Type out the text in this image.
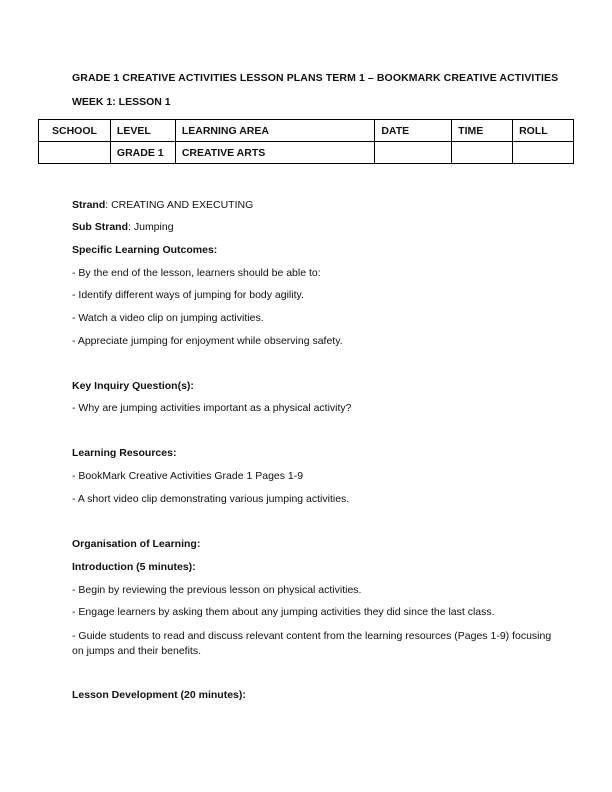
GRADE 1 CREATIVE ACTIVITIES LESSON PLANS TERM 1 – BOOKMARK CREATIVE ACTIVITIES
WEEK 1: LESSON 1
SCHOOL	LEVEL	LEARNING AREA	DATE	TIME	ROLL
	GRADE 1	CREATIVE ARTS			
Strand: CREATING AND EXECUTING
Sub Strand: Jumping
Specific Learning Outcomes:
- By the end of the lesson, learners should be able to:
- Identify different ways of jumping for body agility.
- Watch a video clip on jumping activities.
- Appreciate jumping for enjoyment while observing safety.
Key Inquiry Question(s):
- Why are jumping activities important as a physical activity?
Learning Resources:
- BookMark Creative Activities Grade 1 Pages 1-9
- A short video clip demonstrating various jumping activities.
Organisation of Learning:
Introduction (5 minutes):
- Begin by reviewing the previous lesson on physical activities.
- Engage learners by asking them about any jumping activities they did since the last class.
- Guide students to read and discuss relevant content from the learning resources (Pages 1-9) focusing on jumps and their benefits.
Lesson Development (20 minutes):
